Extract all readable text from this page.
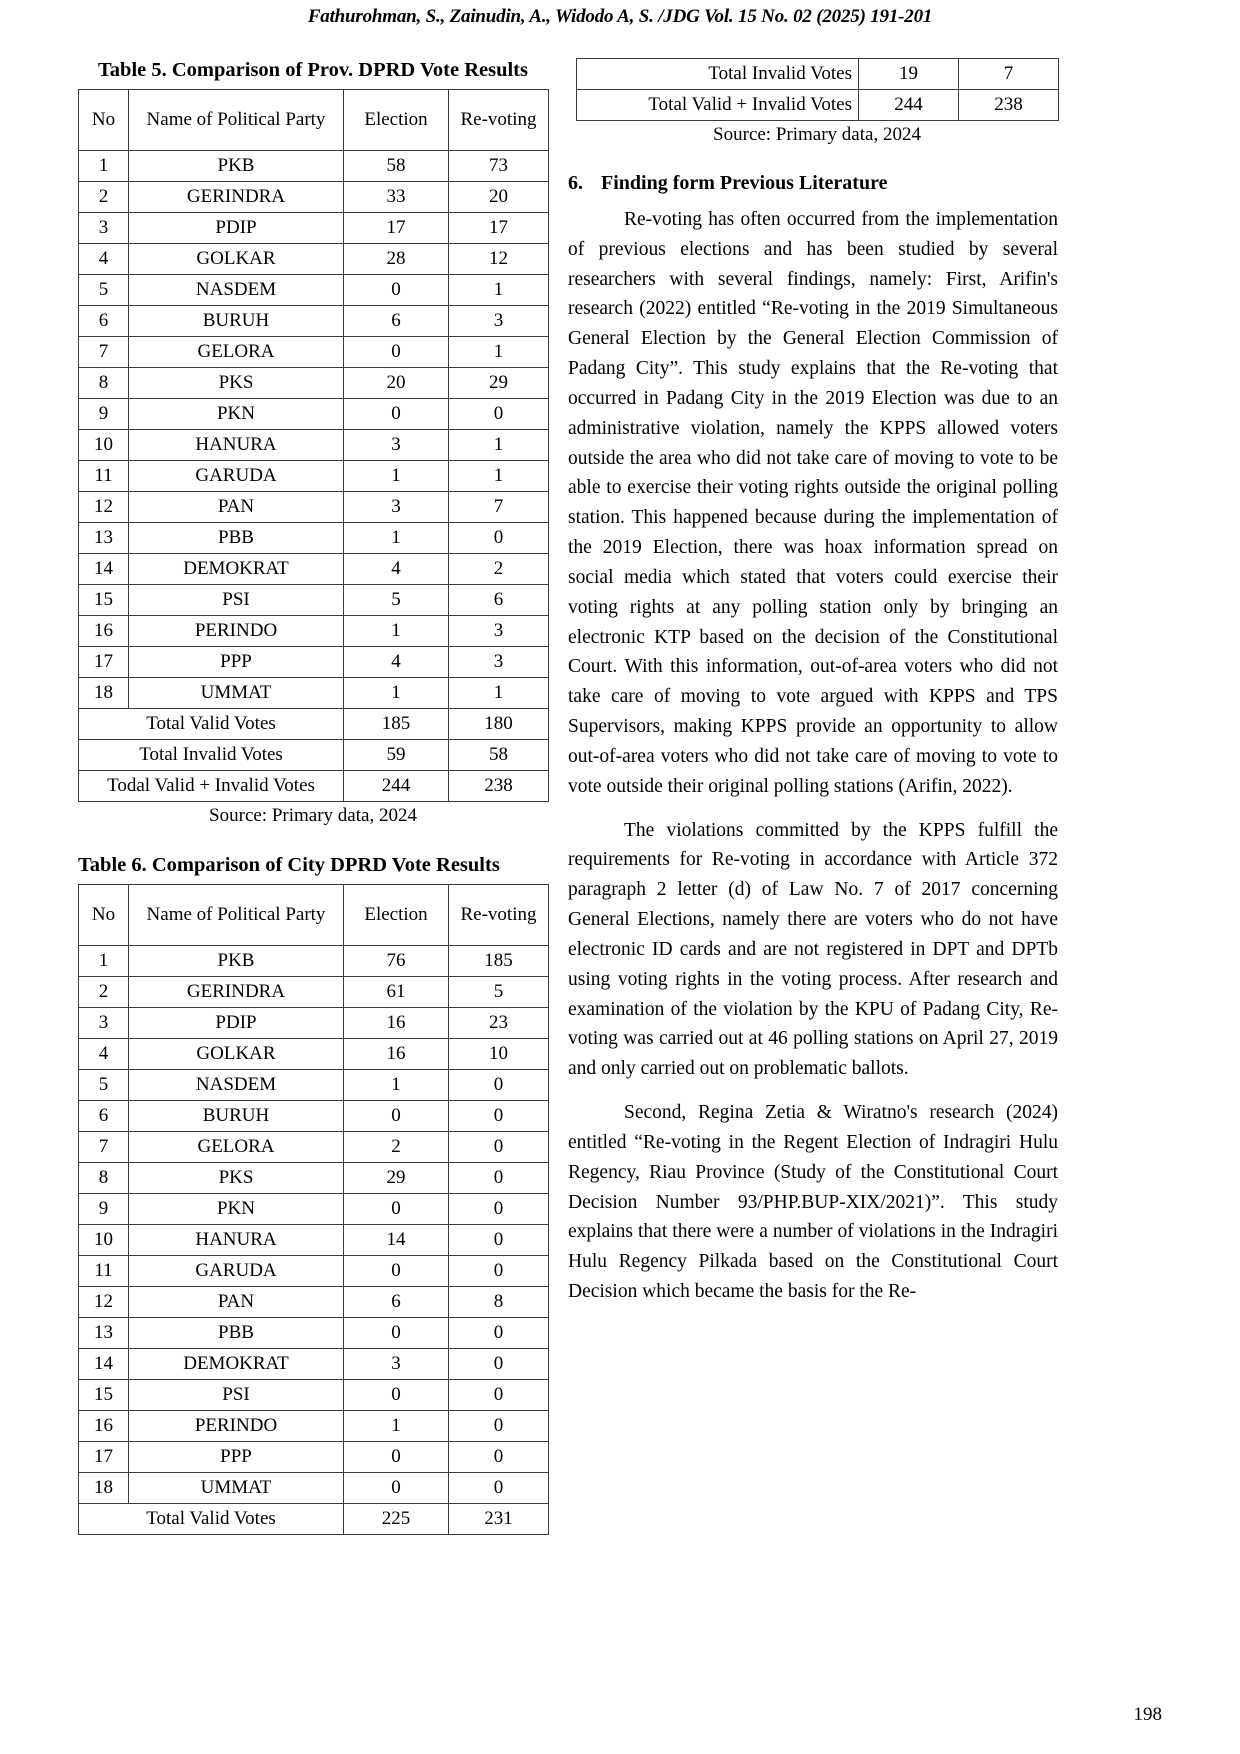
Fathurohman, S., Zainudin, A., Widodo A, S. /JDG Vol. 15 No. 02 (2025) 191-201
Table 5. Comparison of Prov. DPRD Vote Results
No	Name of Political Party	Election	Re-voting
1	PKB	58	73
2	GERINDRA	33	20
3	PDIP	17	17
4	GOLKAR	28	12
5	NASDEM	0	1
6	BURUH	6	3
7	GELORA	0	1
8	PKS	20	29
9	PKN	0	0
10	HANURA	3	1
11	GARUDA	1	1
12	PAN	3	7
13	PBB	1	0
14	DEMOKRAT	4	2
15	PSI	5	6
16	PERINDO	1	3
17	PPP	4	3
18	UMMAT	1	1
Total Valid Votes		185	180
Total Invalid Votes		59	58
Todal Valid + Invalid Votes		244	238

Source: Primary data, 2024

Table 6. Comparison of City DPRD Vote Results
No	Name of Political Party	Election	Re-voting
1	PKB	76	185
2	GERINDRA	61	5
3	PDIP	16	23
4	GOLKAR	16	10
5	NASDEM	1	0
6	BURUH	0	0
7	GELORA	2	0
8	PKS	29	0
9	PKN	0	0
10	HANURA	14	0
11	GARUDA	0	0
12	PAN	6	8
13	PBB	0	0
14	DEMOKRAT	3	0
15	PSI	0	0
16	PERINDO	1	0
17	PPP	0	0
18	UMMAT	0	0
Total Valid Votes		225	231
Total Invalid Votes	19	7
Total Valid + Invalid Votes	244	238

Source: Primary data, 2024

6. Finding form Previous Literature

Re-voting has often occurred from the implementation of previous elections and has been studied by several researchers with several findings, namely: First, Arifin's research (2022) entitled “Re-voting in the 2019 Simultaneous General Election by the General Election Commission of Padang City”. This study explains that the Re-voting that occurred in Padang City in the 2019 Election was due to an administrative violation, namely the KPPS allowed voters outside the area who did not take care of moving to vote to be able to exercise their voting rights outside the original polling station. This happened because during the implementation of the 2019 Election, there was hoax information spread on social media which stated that voters could exercise their voting rights at any polling station only by bringing an electronic KTP based on the decision of the Constitutional Court. With this information, out-of-area voters who did not take care of moving to vote argued with KPPS and TPS Supervisors, making KPPS provide an opportunity to allow out-of-area voters who did not take care of moving to vote to vote outside their original polling stations (Arifin, 2022).

The violations committed by the KPPS fulfill the requirements for Re-voting in accordance with Article 372 paragraph 2 letter (d) of Law No. 7 of 2017 concerning General Elections, namely there are voters who do not have electronic ID cards and are not registered in DPT and DPTb using voting rights in the voting process. After research and examination of the violation by the KPU of Padang City, Re-voting was carried out at 46 polling stations on April 27, 2019 and only carried out on problematic ballots.

Second, Regina Zetia & Wiratno's research (2024) entitled “Re-voting in the Regent Election of Indragiri Hulu Regency, Riau Province (Study of the Constitutional Court Decision Number 93/PHP.BUP-XIX/2021)”. This study explains that there were a number of violations in the Indragiri Hulu Regency Pilkada based on the Constitutional Court Decision which became the basis for the Re-

198
